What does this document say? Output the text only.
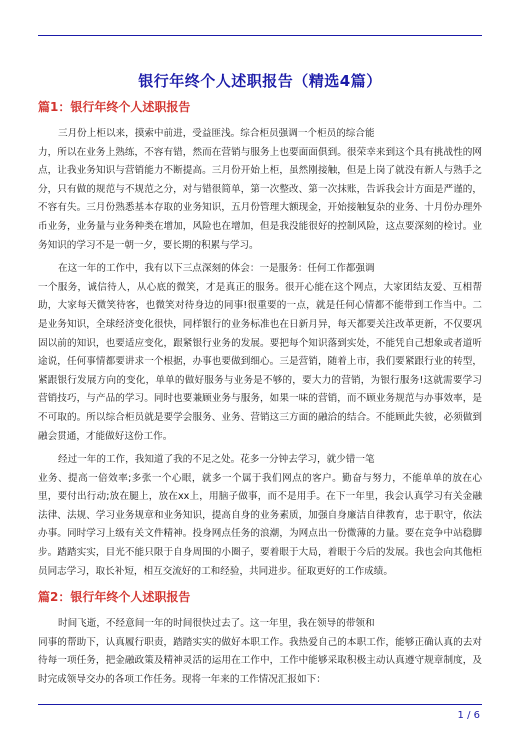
银行年终个人述职报告（精选4篇）
篇1：银行年终个人述职报告

三月份上柜以来，摸索中前进，受益匪浅。综合柜员强调一个柜员的综合能

力，所以在业务上熟练，不容有错，然而在营销与服务上也要面面俱到。很荣幸来到这个具有挑战性的网点，让我业务知识与营销能力不断提高。三月份开始上柜，虽然刚接触，但是上岗了就没有新人与熟手之分，只有做的规范与不规范之分，对与错很简单，第一次整改、第一次抹账，告诉我会计方面是严谨的，不容有失。三月份熟悉基本存取的业务知识，五月份管理大额现金，开始接触复杂的业务、十月份办理外币业务，业务量与业务种类在增加，风险也在增加，但是我没能很好的控制风险，这点要深刻的检讨。业务知识的学习不是一朝一夕，要长期的积累与学习。

在这一年的工作中，我有以下三点深刻的体会：一是服务：任何工作都强调

一个服务，诚信待人，从心底的微笑，才是真正的服务。很开心能在这个网点，大家团结友爱、互相帮助，大家每天微笑待客，也微笑对待身边的同事!很重要的一点，就是任何心情都不能带到工作当中。二是业务知识，全球经济变化很快，同样银行的业务标准也在日新月异，每天都要关注改革更新，不仅要巩固以前的知识，也要适应变化，跟紧银行业务的发展。要把每个知识落到实处，不能凭自己想象或者道听途说，任何事情都要讲求一个根据，办事也要做到细心。三是营销，随着上市，我们要紧跟行业的转型，紧跟银行发展方向的变化，单单的做好服务与业务是不够的，要大力的营销，为银行服务!这就需要学习营销技巧，与产品的学习。同时也要兼顾业务与服务，如果一味的营销，而不顾业务规范与办事效率，是不可取的。所以综合柜员就是要学会服务、业务、营销这三方面的融洽的结合。不能顾此失彼，必须做到融会贯通，才能做好这份工作。

经过一年的工作，我知道了我的不足之处。花多一分钟去学习，就少错一笔

业务、提高一倍效率;多张一个心眼，就多一个属于我们网点的客户。勤奋与努力，不能单单的放在心里，要付出行动;放在腿上，放在xx上，用脑子做事，而不是用手。在下一年里，我会认真学习有关金融法律、法规、学习业务规章和业务知识，提高自身的业务素质，加强自身廉洁自律教育，忠于职守，依法办事。同时学习上级有关文件精神。投身网点任务的浪潮，为网点出一份微薄的力量。要在竞争中站稳脚步。踏踏实实，目光不能只限于自身周围的小圈子，要着眼于大局，着眼于今后的发展。我也会向其他柜员同志学习，取长补短，相互交流好的工和经验，共同进步。征取更好的工作成绩。

篇2：银行年终个人述职报告

时间飞逝，不经意间一年的时间很快过去了。这一年里，我在领导的带领和

同事的帮助下，认真履行职责，踏踏实实的做好本职工作。我热爱自己的本职工作，能够正确认真的去对待每一项任务，把金融政策及精神灵活的运用在工作中，工作中能够采取积极主动认真遵守规章制度，及时完成领导交办的各项工作任务。现将一年来的工作情况汇报如下：

1 / 6
